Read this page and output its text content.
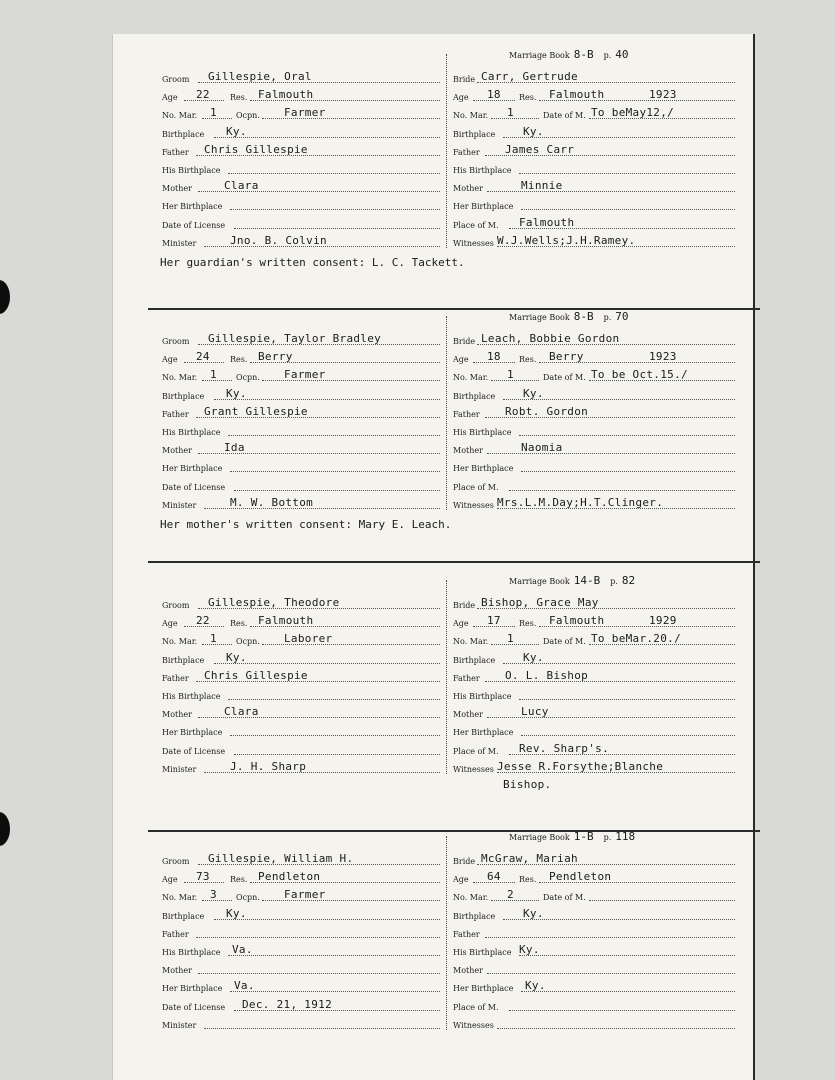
Groom Gillespie, Oral
Age 22	Res. Falmouth
No. Mar. 1 Ocpn. Farmer
Birthplace Ky.
Father Chris Gillespie
His Birthplace
Mother	Clara
Her Birthplace
Date of License
Minister	Jno. B. Colvin
Marriage Book 8-B p. 40
Bride Carr, Gertrude
Age 18 Res. Falmouth	1923
No. Mar. 1	Date of M. To beMay12,/
Birthplace	Ky.
Father James Carr
His Birthplace
Mother	Minnie
Her Birthplace
Place of M. Falmouth
Witnesses W.J.Wells;J.H.Ramey.
Her guardian's written consent: L. C. Tackett.
Groom Gillespie, Taylor Bradley
Age 24	Res. Berry
No. Mar. 1 Ocpn. Farmer
Birthplace Ky.
Father Grant Gillespie
His Birthplace
Mother	Ida
Her Birthplace
Date of License
Minister	M. W. Bottom
Marriage Book 8-B p. 70
Bride Leach, Bobbie Gordon
Age 18 Res. Berry	1923
No. Mar. 1	Date of M. To be Oct.15./
Birthplace	Ky.
Father Robt. Gordon
His Birthplace
Mother	Naomia
Her Birthplace
Place of M.
Witnesses Mrs.L.M.Day;H.T.Clinger.
Her mother's written consent: Mary E. Leach.
Groom Gillespie, Theodore
Age 22	Res. Falmouth
No. Mar. 1 Ocpn. Laborer
Birthplace Ky.
Father Chris Gillespie
His Birthplace
Mother	Clara
Her Birthplace
Date of License
Minister	J. H. Sharp
Marriage Book 14-B p. 82
Bride Bishop, Grace May
Age 17 Res. Falmouth	1929
No. Mar. 1	Date of M. To beMar.20./
Birthplace	Ky.
Father O. L. Bishop
His Birthplace
Mother	Lucy
Her Birthplace
Place of M. Rev. Sharp's.
Witnesses Jesse R.Forsythe;Blanche
Bishop.
Groom Gillespie, William H.
Age 73	Res. Pendleton
No. Mar. 3 Ocpn. Farmer
Birthplace Ky.
Father
His Birthplace Va.
Mother
Her Birthplace Va.
Date of License Dec. 21, 1912
Minister
Marriage Book 1-B p. 118
Bride McGraw, Mariah
Age 64 Res. Pendleton
No. Mar. 2	Date of M.
Birthplace	Ky.
Father
His Birthplace Ky.
Mother
Her Birthplace Ky.
Place of M.
Witnesses
